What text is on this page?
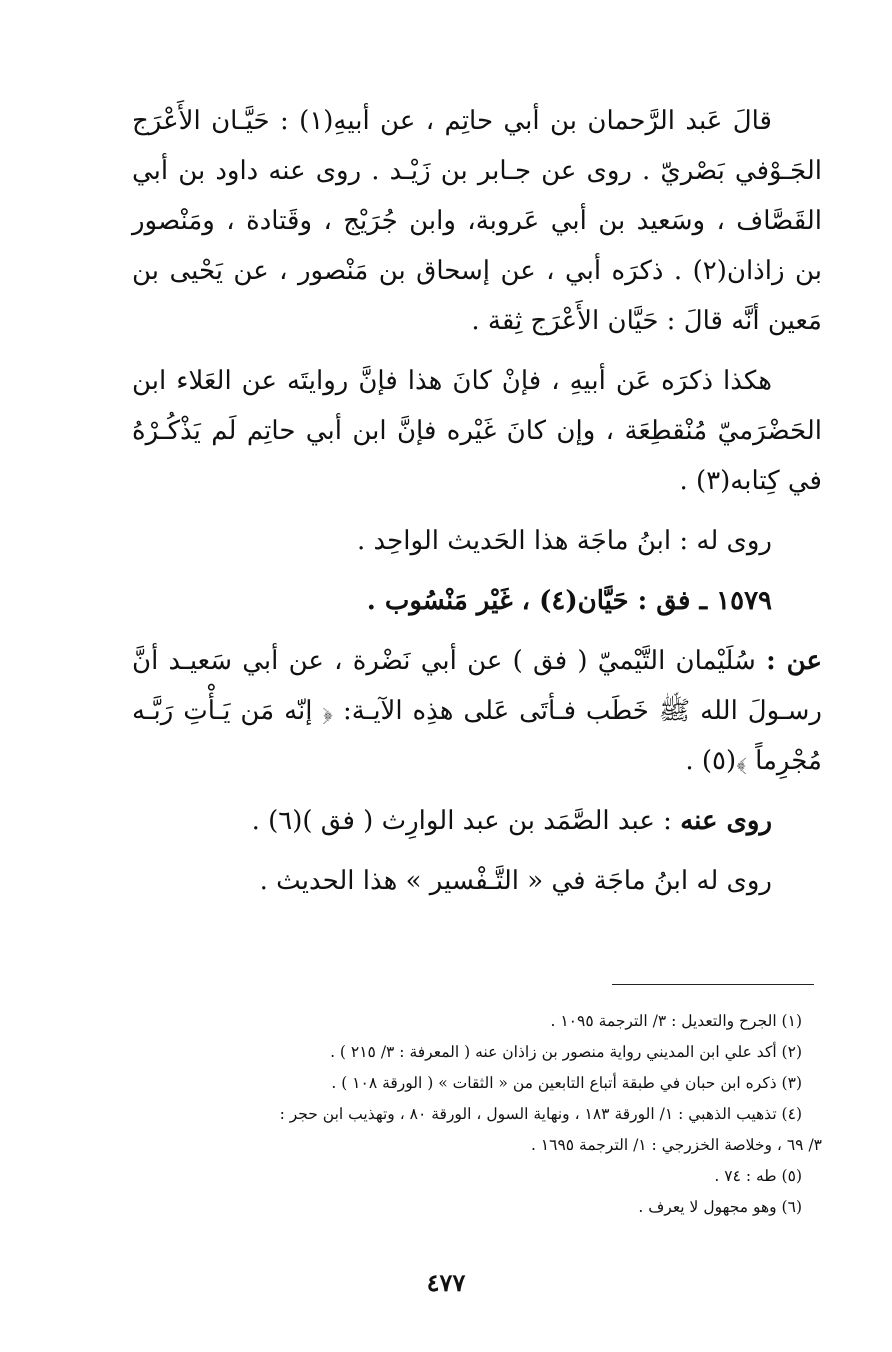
قالَ عَبد الرَّحمان بن أبي حاتِم ، عن أبيهِ(١) : حَيَّـان الأَعْرَج الجَـوْفي بَصْريّ . روى عن جـابر بن زَيْـد . روى عنه داود بن أبي القَصَّاف ، وسَعيد بن أبي عَروبة، وابن جُرَيْج ، وقَتادة ، ومَنْصور بن زاذان(٢) . ذكرَه أبي ، عن إسحاق بن مَنْصور ، عن يَحْيى بن مَعين أنَّه قالَ : حَيَّان الأَعْرَج ثِقة .

هكذا ذكرَه عَن أبيهِ ، فإنْ كانَ هذا فإنَّ روايتَه عن العَلاء ابن الحَضْرَميّ مُنْقطِعَة ، وإن كانَ غَيْره فإنَّ ابن أبي حاتِم لَم يَذْكُـرْهُ في كِتابه(٣) .

روى له : ابنُ ماجَة هذا الحَديث الواحِد .

١٥٧٩ ـ فق : حَيَّان(٤) ، غَيْر مَنْسُوب .

عن : سُلَيْمان التَّيْميّ ( فق ) عن أبي نَضْرة ، عن أبي سَعيـد أنَّ رسـولَ الله ﷺ خَطَب فـأتَى عَلى هذِه الآيـة: ﴿ إنّه مَن يَـأْتِ رَبَّـه مُجْرِماً ﴾(٥) .

روى عنه : عبد الصَّمَد بن عبد الوارِث ( فق )(٦) .

روى له ابنُ ماجَة في « التَّـفْسير » هذا الحديث .

(١) الجرح والتعديل : ٣/ الترجمة ١٠٩٥ .

(٢) أكد علي ابن المديني رواية منصور بن زاذان عنه ( المعرفة : ٣/ ٢١٥ ) .

(٣) ذكره ابن حبان في طبقة أتباع التابعين من « الثقات » ( الورقة ١٠٨ ) .

(٤) تذهيب الذهبي : ١/ الورقة ١٨٣ ، ونهاية السول ، الورقة ٨٠ ، وتهذيب ابن حجر :

٣/ ٦٩ ، وخلاصة الخزرجي : ١/ الترجمة ١٦٩٥ .

(٥) طه : ٧٤ .

(٦) وهو مجهول لا يعرف .

٤٧٧
